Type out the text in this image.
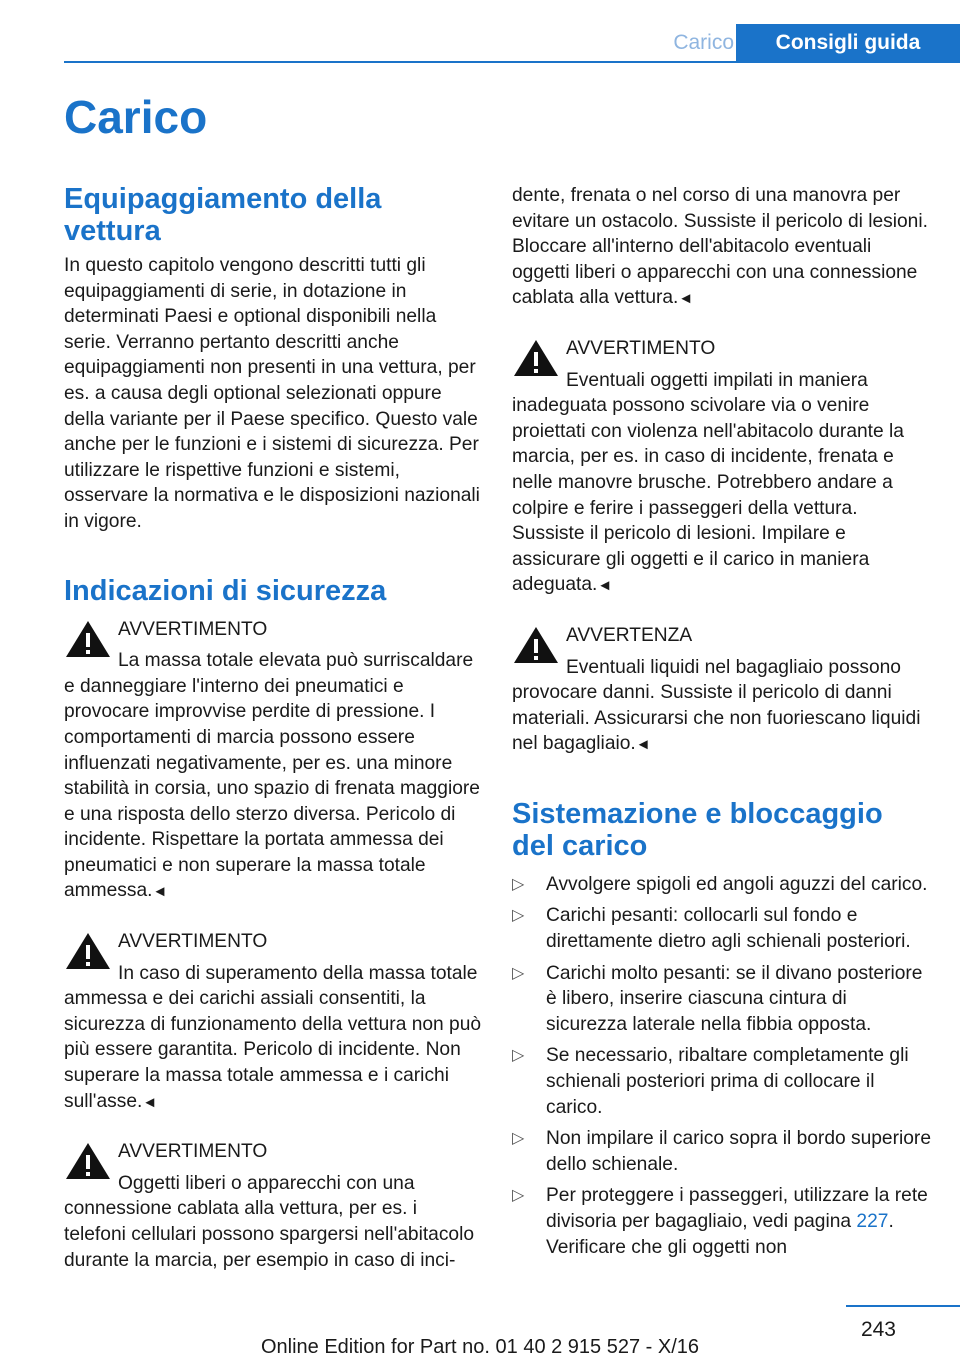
Carico	Consigli guida
Carico
Equipaggiamento della vettura

In questo capitolo vengono descritti tutti gli equipaggiamenti di serie, in dotazione in determinati Paesi e optional disponibili nella serie. Verranno pertanto descritti anche equipaggiamenti non presenti in una vettura, per es. a causa degli optional selezionati oppure della variante per il Paese specifico. Questo vale anche per le funzioni e i sistemi di sicurezza. Per utilizzare le rispettive funzioni e sistemi, osservare la normativa e le disposizioni nazionali in vigore.

Indicazioni di sicurezza
AVVERTIMENTO
La massa totale elevata può surriscaldare e danneggiare l'interno dei pneumatici e provocare improvvise perdite di pressione. I comportamenti di marcia possono essere influenzati negativamente, per es. una minore stabilità in corsia, uno spazio di frenata maggiore e una risposta dello sterzo diversa. Pericolo di incidente. Rispettare la portata ammessa dei pneumatici e non superare la massa totale ammessa.◄
AVVERTIMENTO
In caso di superamento della massa totale ammessa e dei carichi assiali consentiti, la sicurezza di funzionamento della vettura non può più essere garantita. Pericolo di incidente. Non superare la massa totale ammessa e i carichi sull'asse.◄
AVVERTIMENTO
Oggetti liberi o apparecchi con una connessione cablata alla vettura, per es. i telefoni cellulari possono spargersi nell'abitacolo durante la marcia, per esempio in caso di inci-
dente, frenata o nel corso di una manovra per evitare un ostacolo. Sussiste il pericolo di lesioni. Bloccare all'interno dell'abitacolo eventuali oggetti liberi o apparecchi con una connessione cablata alla vettura.◄
AVVERTIMENTO
Eventuali oggetti impilati in maniera inadeguata possono scivolare via o venire proiettati con violenza nell'abitacolo durante la marcia, per es. in caso di incidente, frenata e nelle manovre brusche. Potrebbero andare a colpire e ferire i passeggeri della vettura. Sussiste il pericolo di lesioni. Impilare e assicurare gli oggetti e il carico in maniera adeguata.◄
AVVERTENZA
Eventuali liquidi nel bagagliaio possono provocare danni. Sussiste il pericolo di danni materiali. Assicurarsi che non fuoriescano liquidi nel bagagliaio.◄
Sistemazione e bloccaggio del carico
▷ Avvolgere spigoli ed angoli aguzzi del carico.
▷ Carichi pesanti: collocarli sul fondo e direttamente dietro agli schienali posteriori.
▷ Carichi molto pesanti: se il divano posteriore è libero, inserire ciascuna cintura di sicurezza laterale nella fibbia opposta.
▷ Se necessario, ribaltare completamente gli schienali posteriori prima di collocare il carico.
▷ Non impilare il carico sopra il bordo superiore dello schienale.
▷ Per proteggere i passeggeri, utilizzare la rete divisoria per bagagliaio, vedi pagina 227. Verificare che gli oggetti non
243
Online Edition for Part no. 01 40 2 915 527 - X/16
